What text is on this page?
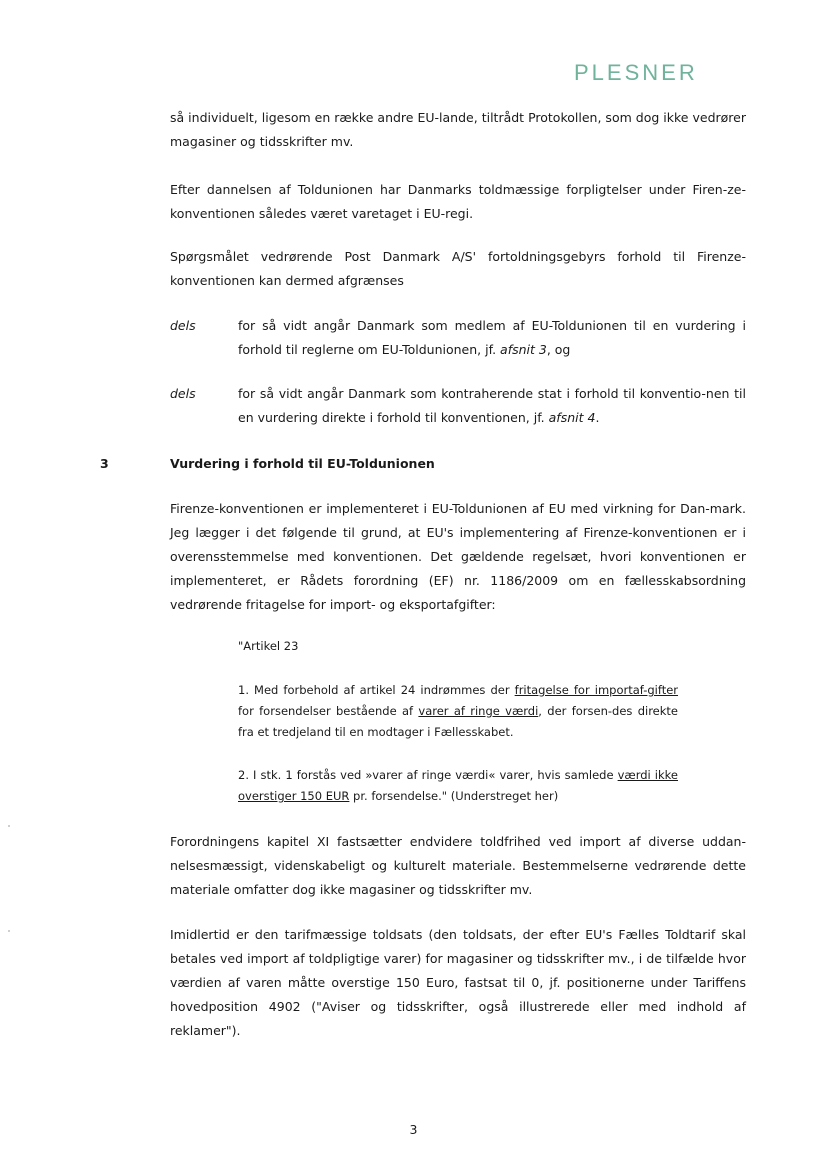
PLESNER

så individuelt, ligesom en række andre EU-lande, tiltrådt Protokollen, som dog ikke vedrører magasiner og tidsskrifter mv.

Efter dannelsen af Toldunionen har Danmarks toldmæssige forpligtelser under Firen-ze-konventionen således været varetaget i EU-regi.

Spørgsmålet vedrørende Post Danmark A/S' fortoldningsgebyrs forhold til Firenze-konventionen kan dermed afgrænses

dels	for så vidt angår Danmark som medlem af EU-Toldunionen til en vurdering i forhold til reglerne om EU-Toldunionen, jf. afsnit 3, og

dels	for så vidt angår Danmark som kontraherende stat i forhold til konventio-nen til en vurdering direkte i forhold til konventionen, jf. afsnit 4.

3	Vurdering i forhold til EU-Toldunionen

Firenze-konventionen er implementeret i EU-Toldunionen af EU med virkning for Dan-mark. Jeg lægger i det følgende til grund, at EU's implementering af Firenze-konventionen er i overensstemmelse med konventionen. Det gældende regelsæt, hvori konventionen er implementeret, er Rådets forordning (EF) nr. 1186/2009 om en fællesskabsordning vedrørende fritagelse for import- og eksportafgifter:

"Artikel 23

1. Med forbehold af artikel 24 indrømmes der fritagelse for importaf-gifter for forsendelser bestående af varer af ringe værdi, der forsen-des direkte fra et tredjeland til en modtager i Fællesskabet.

2. I stk. 1 forstås ved »varer af ringe værdi« varer, hvis samlede værdi ikke overstiger 150 EUR pr. forsendelse." (Understreget her)

Forordningens kapitel XI fastsætter endvidere toldfrihed ved import af diverse uddan-nelsesmæssigt, videnskabeligt og kulturelt materiale. Bestemmelserne vedrørende dette materiale omfatter dog ikke magasiner og tidsskrifter mv.

Imidlertid er den tarifmæssige toldsats (den toldsats, der efter EU's Fælles Toldtarif skal betales ved import af toldpligtige varer) for magasiner og tidsskrifter mv., i de tilfælde hvor værdien af varen måtte overstige 150 Euro, fastsat til 0, jf. positionerne under Tariffens hovedposition 4902 ("Aviser og tidsskrifter, også illustrerede eller med indhold af reklamer").

3
